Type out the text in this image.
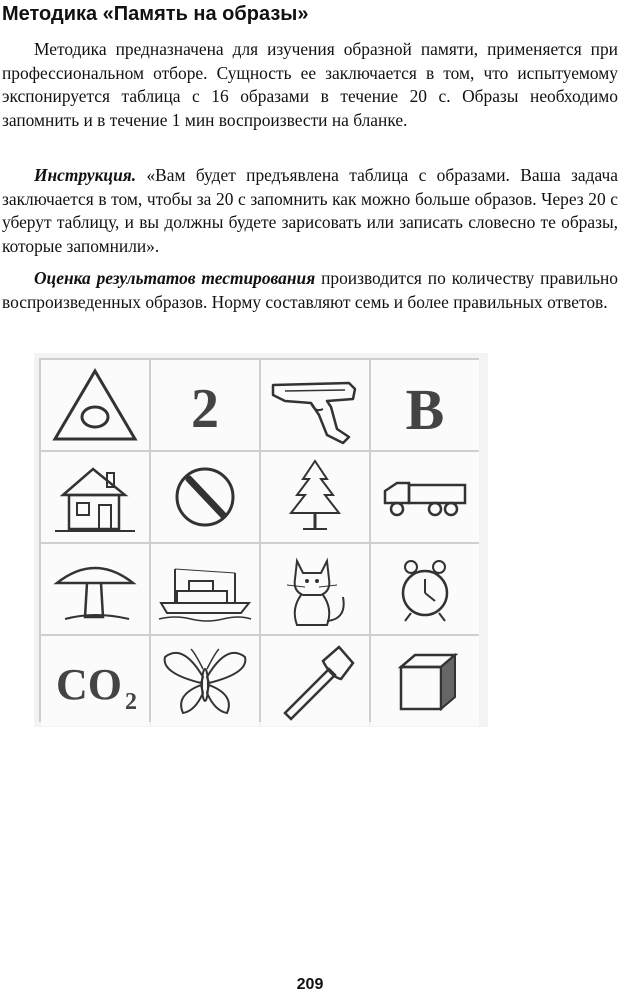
Методика «Память на образы»

Методика предназначена для изучения образной памяти, применяется при профессиональном отборе. Сущность ее заключается в том, что испытуемому экспонируется таблица с 16 образами в течение 20 с. Образы необходимо запомнить и в течение 1 мин воспроизвести на бланке.

Инструкция. «Вам будет предъявлена таблица с образами. Ваша задача заключается в том, чтобы за 20 с запомнить как можно больше образов. Через 20 с уберут таблицу, и вы должны будете зарисовать или записать словесно те образы, которые запомнили».

Оценка результатов тестирования производится по количеству правильно воспроизведенных образов. Норму составляют семь и более правильных ответов.

2	B
CO 2
209
